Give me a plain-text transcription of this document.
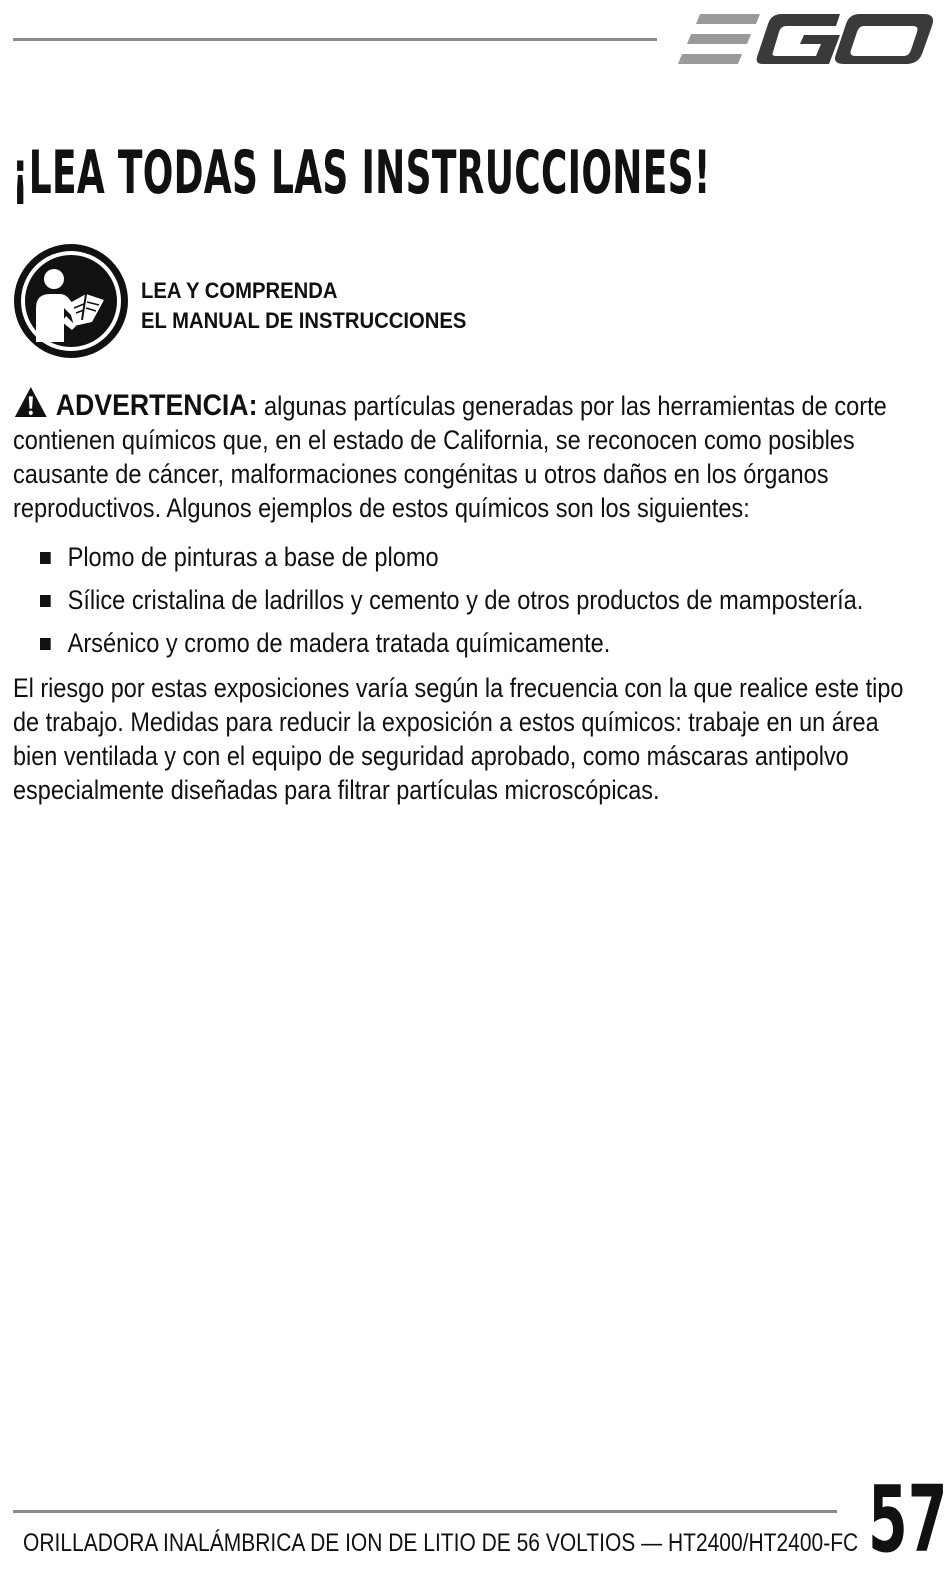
¡LEA TODAS LAS INSTRUCCIONES!
LEA Y COMPRENDA
EL MANUAL DE INSTRUCCIONES

ADVERTENCIA: algunas partículas generadas por las herramientas de corte contienen químicos que, en el estado de California, se reconocen como posibles causante de cáncer, malformaciones congénitas u otros daños en los órganos reproductivos. Algunos ejemplos de estos químicos son los siguientes:

Plomo de pinturas a base de plomo
Sílice cristalina de ladrillos y cemento y de otros productos de mampostería.
Arsénico y cromo de madera tratada químicamente.

El riesgo por estas exposiciones varía según la frecuencia con la que realice este tipo de trabajo. Medidas para reducir la exposición a estos químicos: trabaje en un área bien ventilada y con el equipo de seguridad aprobado, como máscaras antipolvo especialmente diseñadas para filtrar partículas microscópicas.

ORILLADORA INALÁMBRICA DE ION DE LITIO DE 56 VOLTIOS — HT2400/HT2400-FC 57
